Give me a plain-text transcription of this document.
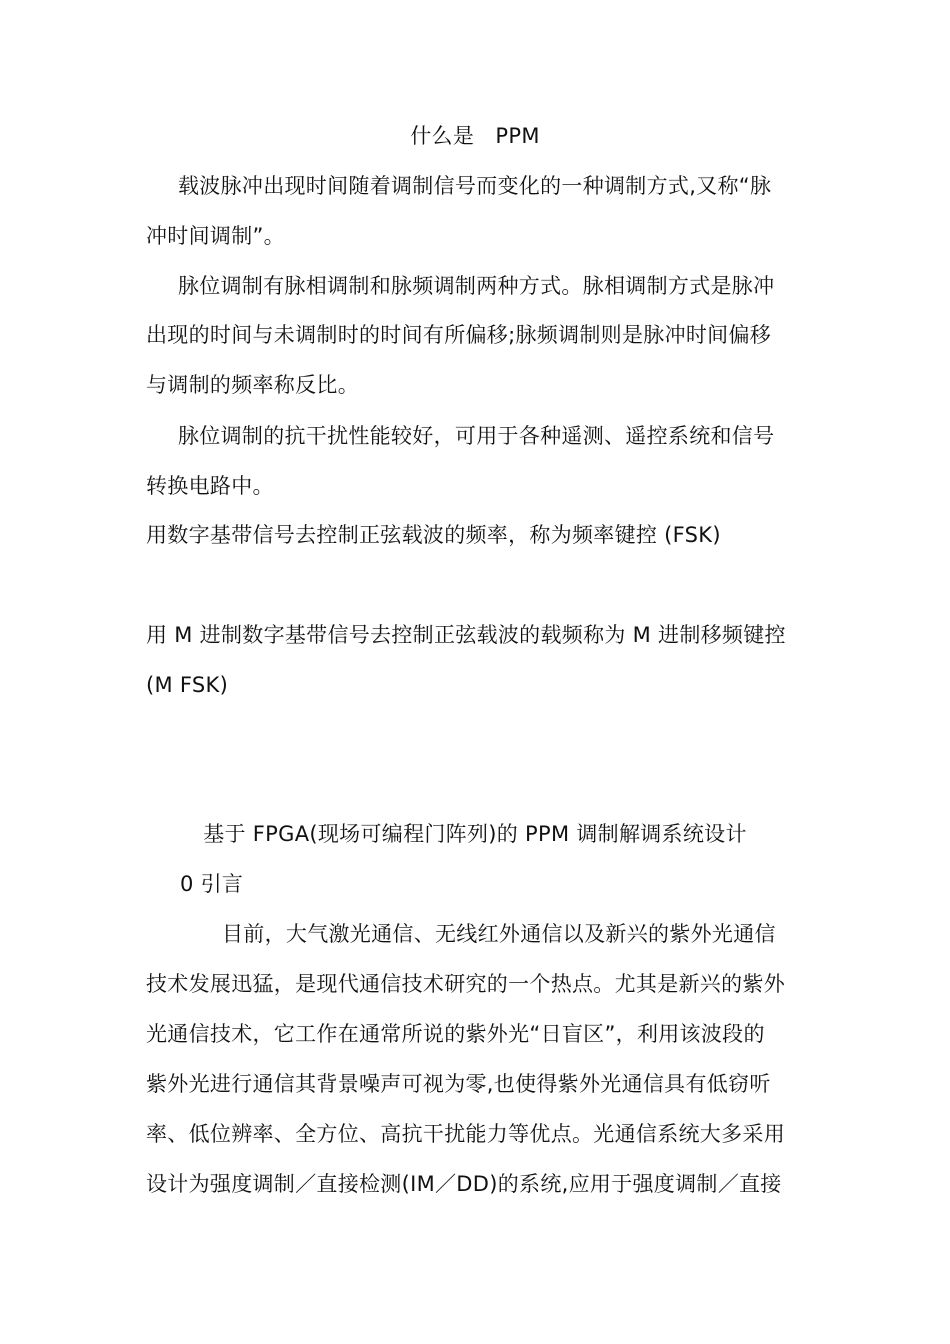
什么是　PPM
载波脉冲出现时间随着调制信号而变化的一种调制方式,又称“脉
冲时间调制”。
脉位调制有脉相调制和脉频调制两种方式。脉相调制方式是脉冲
出现的时间与未调制时的时间有所偏移;脉频调制则是脉冲时间偏移
与调制的频率称反比。
脉位调制的抗干扰性能较好，可用于各种遥测、遥控系统和信号
转换电路中。
用数字基带信号去控制正弦载波的频率，称为频率键控 (FSK)
用 M 进制数字基带信号去控制正弦载波的载频称为 M 进制移频键控
(M FSK)
基于 FPGA(现场可编程门阵列)的 PPM 调制解调系统设计
0 引言
目前，大气激光通信、无线红外通信以及新兴的紫外光通信
技术发展迅猛，是现代通信技术研究的一个热点。尤其是新兴的紫外
光通信技术，它工作在通常所说的紫外光“日盲区”，利用该波段的
紫外光进行通信其背景噪声可视为零,也使得紫外光通信具有低窃听
率、低位辨率、全方位、高抗干扰能力等优点。光通信系统大多采用
设计为强度调制／直接检测(IM／DD)的系统,应用于强度调制／直接
